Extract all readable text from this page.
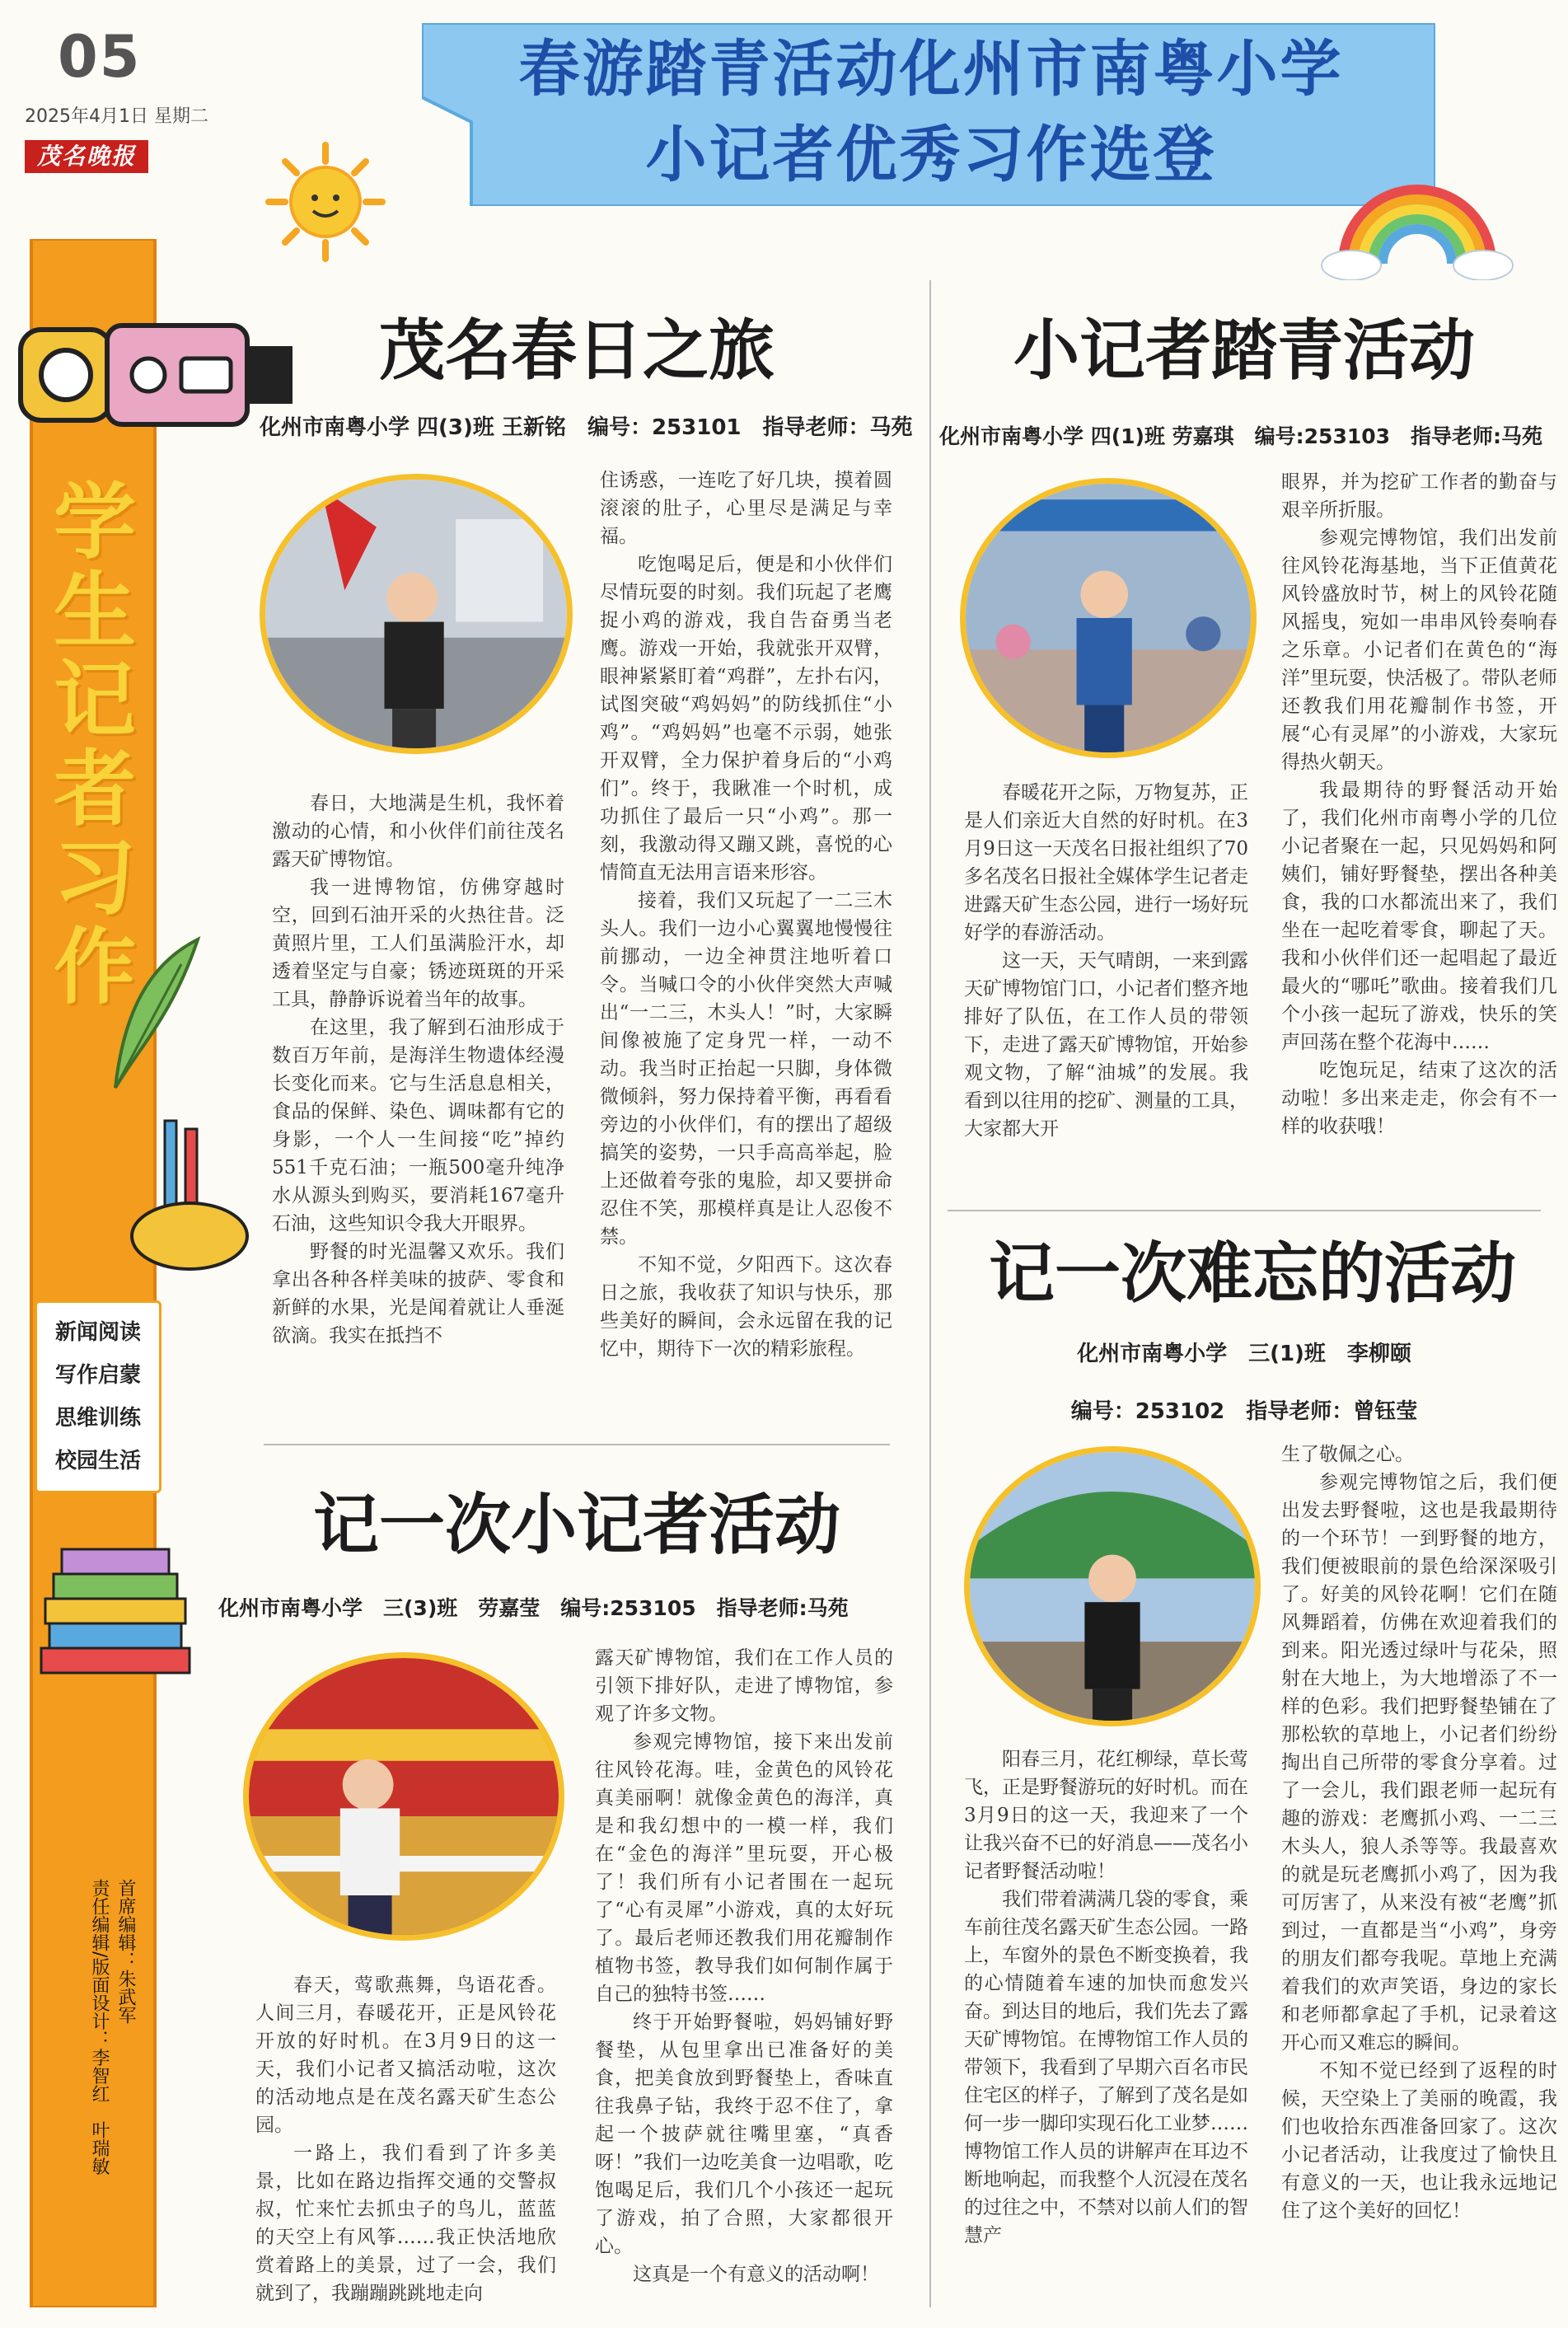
05
2025年4月1日 星期二
茂名晚报
春游踏青活动化州市南粤小学
小记者优秀习作选登
学生记者习作
新闻阅读
写作启蒙
思维训练
校园生活
首席编辑：朱武军
责任编辑/版面设计：李智红　叶瑞敏
茂名春日之旅
化州市南粤小学 四(3)班 王新铭　编号：253101　指导老师：马苑

春日，大地满是生机，我怀着激动的心情，和小伙伴们前往茂名露天矿博物馆。

我一进博物馆，仿佛穿越时空，回到石油开采的火热往昔。泛黄照片里，工人们虽满脸汗水，却透着坚定与自豪；锈迹斑斑的开采工具，静静诉说着当年的故事。

在这里，我了解到石油形成于数百万年前，是海洋生物遗体经漫长变化而来。它与生活息息相关，食品的保鲜、染色、调味都有它的身影，一个人一生间接“吃”掉约551千克石油；一瓶500毫升纯净水从源头到购买，要消耗167毫升石油，这些知识令我大开眼界。

野餐的时光温馨又欢乐。我们拿出各种各样美味的披萨、零食和新鲜的水果，光是闻着就让人垂涎欲滴。我实在抵挡不

住诱惑，一连吃了好几块，摸着圆滚滚的肚子，心里尽是满足与幸福。

吃饱喝足后，便是和小伙伴们尽情玩耍的时刻。我们玩起了老鹰捉小鸡的游戏，我自告奋勇当老鹰。游戏一开始，我就张开双臂，眼神紧紧盯着“鸡群”，左扑右闪，试图突破“鸡妈妈”的防线抓住“小鸡”。“鸡妈妈”也毫不示弱，她张开双臂，全力保护着身后的“小鸡们”。终于，我瞅准一个时机，成功抓住了最后一只“小鸡”。那一刻，我激动得又蹦又跳，喜悦的心情简直无法用言语来形容。

接着，我们又玩起了一二三木头人。我们一边小心翼翼地慢慢往前挪动，一边全神贯注地听着口令。当喊口令的小伙伴突然大声喊出“一二三，木头人！”时，大家瞬间像被施了定身咒一样，一动不动。我当时正抬起一只脚，身体微微倾斜，努力保持着平衡，再看看旁边的小伙伴们，有的摆出了超级搞笑的姿势，一只手高高举起，脸上还做着夸张的鬼脸，却又要拼命忍住不笑，那模样真是让人忍俊不禁。

不知不觉，夕阳西下。这次春日之旅，我收获了知识与快乐，那些美好的瞬间，会永远留在我的记忆中，期待下一次的精彩旅程。

小记者踏青活动
化州市南粤小学 四(1)班 劳嘉琪　编号:253103　指导老师:马苑

春暖花开之际，万物复苏，正是人们亲近大自然的好时机。在3月9日这一天茂名日报社组织了70多名茂名日报社全媒体学生记者走进露天矿生态公园，进行一场好玩好学的春游活动。

这一天，天气晴朗，一来到露天矿博物馆门口，小记者们整齐地排好了队伍，在工作人员的带领下，走进了露天矿博物馆，开始参观文物，了解“油城”的发展。我看到以往用的挖矿、测量的工具，大家都大开

眼界，并为挖矿工作者的勤奋与艰辛所折服。

参观完博物馆，我们出发前往风铃花海基地，当下正值黄花风铃盛放时节，树上的风铃花随风摇曳，宛如一串串风铃奏响春之乐章。小记者们在黄色的“海洋”里玩耍，快活极了。带队老师还教我们用花瓣制作书签，开展“心有灵犀”的小游戏，大家玩得热火朝天。

我最期待的野餐活动开始了，我们化州市南粤小学的几位小记者聚在一起，只见妈妈和阿姨们，铺好野餐垫，摆出各种美食，我的口水都流出来了，我们坐在一起吃着零食，聊起了天。我和小伙伴们还一起唱起了最近最火的“哪吒”歌曲。接着我们几个小孩一起玩了游戏，快乐的笑声回荡在整个花海中……

吃饱玩足，结束了这次的活动啦！多出来走走，你会有不一样的收获哦！

记一次小记者活动
化州市南粤小学　三(3)班　劳嘉莹　编号:253105　指导老师:马苑

春天，莺歌燕舞，鸟语花香。人间三月，春暖花开，正是风铃花开放的好时机。在3月9日的这一天，我们小记者又搞活动啦，这次的活动地点是在茂名露天矿生态公园。

一路上，我们看到了许多美景，比如在路边指挥交通的交警叔叔，忙来忙去抓虫子的鸟儿，蓝蓝的天空上有风筝……我正快活地欣赏着路上的美景，过了一会，我们就到了，我蹦蹦跳跳地走向

露天矿博物馆，我们在工作人员的引领下排好队，走进了博物馆，参观了许多文物。

参观完博物馆，接下来出发前往风铃花海。哇，金黄色的风铃花真美丽啊！就像金黄色的海洋，真是和我幻想中的一模一样，我们在“金色的海洋”里玩耍，开心极了！我们所有小记者围在一起玩了“心有灵犀”小游戏，真的太好玩了。最后老师还教我们用花瓣制作植物书签，教导我们如何制作属于自己的独特书签……

终于开始野餐啦，妈妈铺好野餐垫，从包里拿出已准备好的美食，把美食放到野餐垫上，香味直往我鼻子钻，我终于忍不住了，拿起一个披萨就往嘴里塞，“真香呀！”我们一边吃美食一边唱歌，吃饱喝足后，我们几个小孩还一起玩了游戏，拍了合照，大家都很开心。

这真是一个有意义的活动啊！

记一次难忘的活动
化州市南粤小学　三(1)班　李柳颐
编号：253102　指导老师：曾钰莹

阳春三月，花红柳绿，草长莺飞，正是野餐游玩的好时机。而在3月9日的这一天，我迎来了一个让我兴奋不已的好消息——茂名小记者野餐活动啦！

我们带着满满几袋的零食，乘车前往茂名露天矿生态公园。一路上，车窗外的景色不断变换着，我的心情随着车速的加快而愈发兴奋。到达目的地后，我们先去了露天矿博物馆。在博物馆工作人员的带领下，我看到了早期六百名市民住宅区的样子，了解到了茂名是如何一步一脚印实现石化工业梦……博物馆工作人员的讲解声在耳边不断地响起，而我整个人沉浸在茂名的过往之中，不禁对以前人们的智慧产

生了敬佩之心。

参观完博物馆之后，我们便出发去野餐啦，这也是我最期待的一个环节！一到野餐的地方，我们便被眼前的景色给深深吸引了。好美的风铃花啊！它们在随风舞蹈着，仿佛在欢迎着我们的到来。阳光透过绿叶与花朵，照射在大地上，为大地增添了不一样的色彩。我们把野餐垫铺在了那松软的草地上，小记者们纷纷掏出自己所带的零食分享着。过了一会儿，我们跟老师一起玩有趣的游戏：老鹰抓小鸡、一二三木头人，狼人杀等等。我最喜欢的就是玩老鹰抓小鸡了，因为我可厉害了，从来没有被“老鹰”抓到过，一直都是当“小鸡”，身旁的朋友们都夸我呢。草地上充满着我们的欢声笑语，身边的家长和老师都拿起了手机，记录着这开心而又难忘的瞬间。

不知不觉已经到了返程的时候，天空染上了美丽的晚霞，我们也收拾东西准备回家了。这次小记者活动，让我度过了愉快且有意义的一天，也让我永远地记住了这个美好的回忆！
